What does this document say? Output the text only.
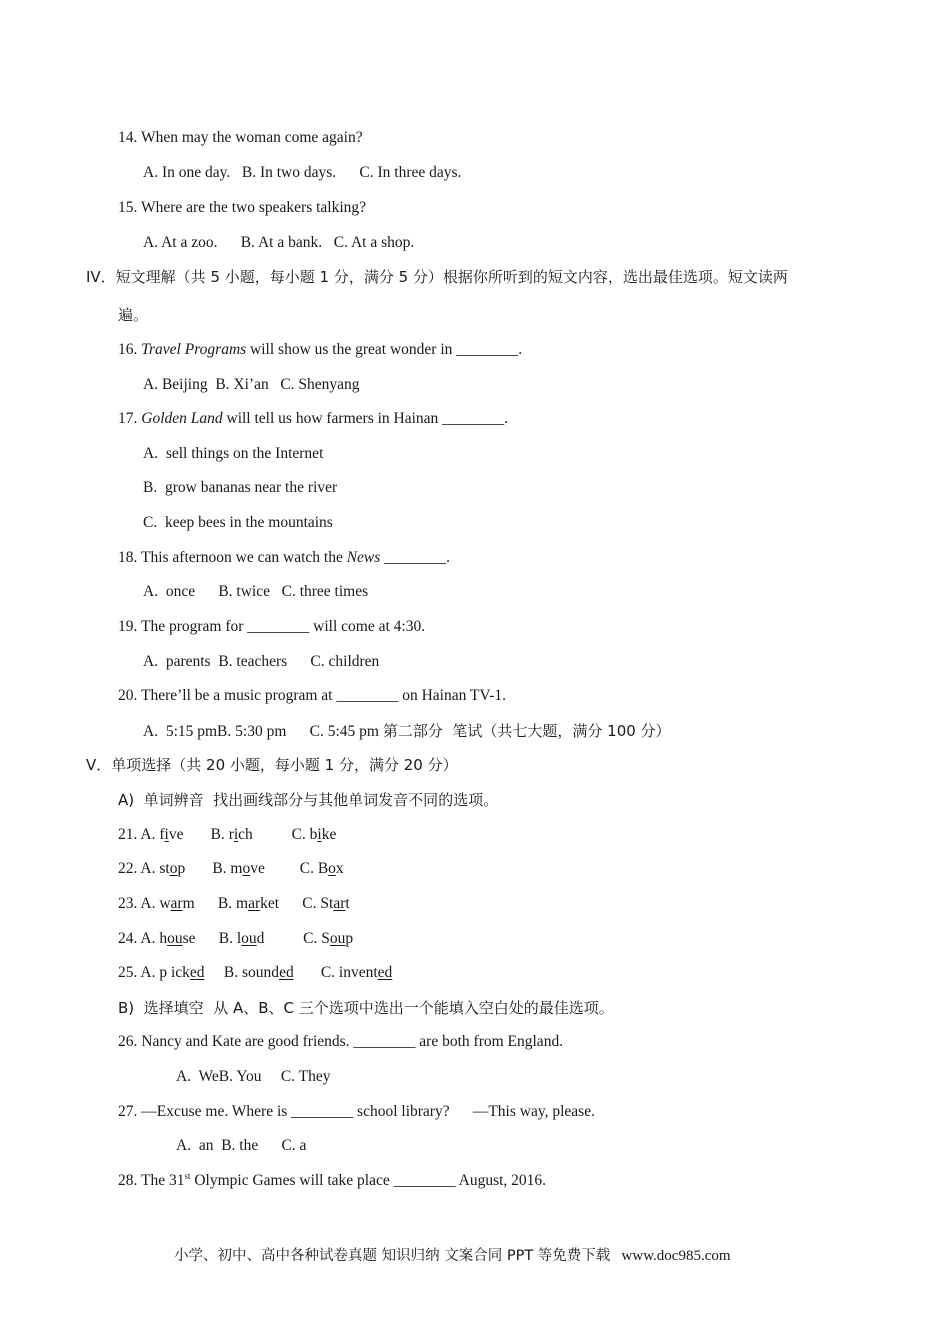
14. When may the woman come again?

A. In one day.   B. In two days.      C. In three days.

15. Where are the two speakers talking?

A. At a zoo.      B. At a bank.   C. At a shop.

IV．短文理解（共 5 小题，每小题 1 分，满分 5 分）根据你所听到的短文内容，选出最佳选项。短文读两

遍。

16. Travel Programs will show us the great wonder in ________.

A. Beijing  B. Xi’an   C. Shenyang

17. Golden Land will tell us how farmers in Hainan ________.

A.  sell things on the Internet

B.  grow bananas near the river

C.  keep bees in the mountains

18. This afternoon we can watch the News ________.

A.  once      B. twice   C. three times

19. The program for ________ will come at 4:30.

A.  parents  B. teachers      C. children

20. There’ll be a music program at ________ on Hainan TV-1.

A.  5:15 pmB. 5:30 pm      C. 5:45 pm 第二部分  笔试（共七大题，满分 100 分）

V．单项选择（共 20 小题，每小题 1 分，满分 20 分）

A)  单词辨音  找出画线部分与其他单词发音不同的选项。

21. A. five       B. rich          C. bike

22. A. stop       B. move         C. Box

23. A. warm      B. market      C. Start

24. A. house      B. loud          C. Soup

25. A. p icked     B. sounded       C. invented

B)  选择填空  从 A、B、C 三个选项中选出一个能填入空白处的最佳选项。

26. Nancy and Kate are good friends. ________ are both from England.

A.  WeB. You     C. They

27. —Excuse me. Where is ________ school library?      —This way, please.

A.  an  B. the      C. a

28. The 31st Olympic Games will take place ________ August, 2016.

小学、初中、高中各种试卷真题 知识归纳 文案合同 PPT 等免费下载   www.doc985.com
